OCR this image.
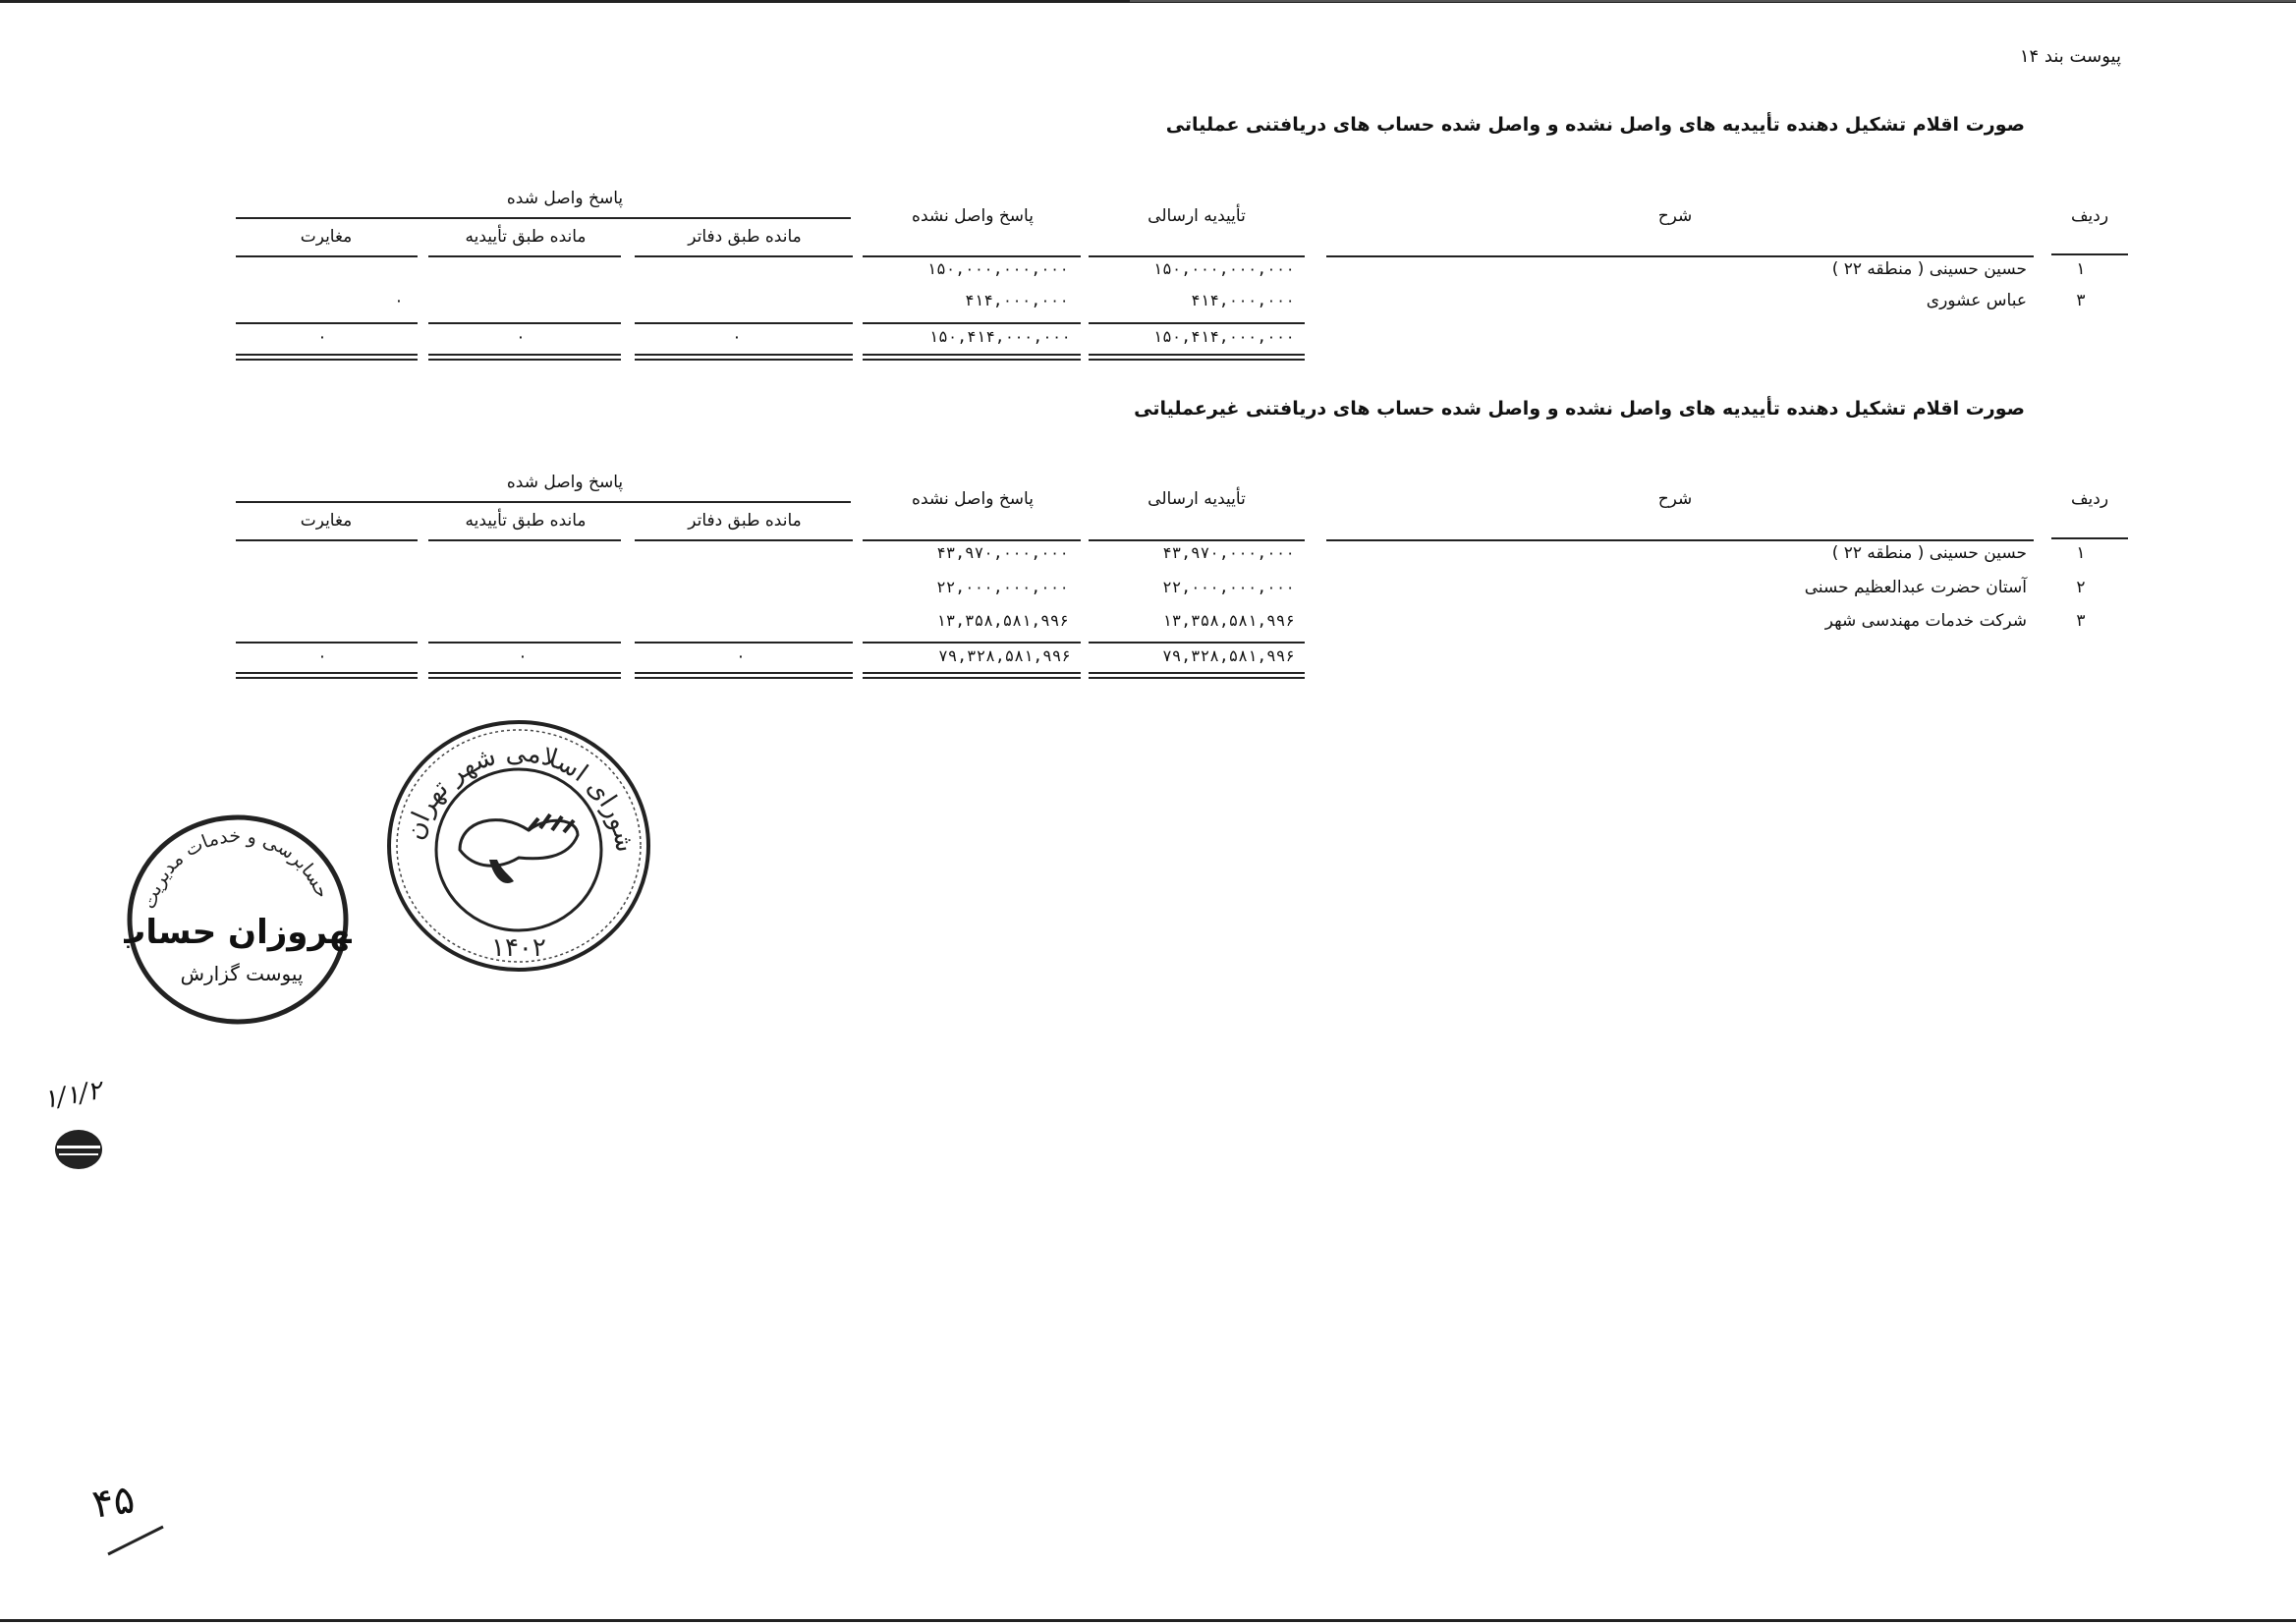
پیوست بند ۱۴
صورت اقلام تشکیل دهنده تأییدیه های واصل نشده و واصل شده حساب های دریافتنی عملیاتی
ردیف
شرح
تأییدیه ارسالی
پاسخ واصل نشده
پاسخ واصل شده
مانده طبق دفاتر
مانده طبق تأییدیه
مغایرت
۱
حسین حسینی ( منطقه ۲۲ )
۱۵۰,۰۰۰,۰۰۰,۰۰۰
۱۵۰,۰۰۰,۰۰۰,۰۰۰
۳
عباس عشوری
۴۱۴,۰۰۰,۰۰۰
۴۱۴,۰۰۰,۰۰۰
۰
۱۵۰,۴۱۴,۰۰۰,۰۰۰
۱۵۰,۴۱۴,۰۰۰,۰۰۰
۰
۰
۰
صورت اقلام تشکیل دهنده تأییدیه های واصل نشده و واصل شده حساب های دریافتنی غیرعملیاتی
ردیف
شرح
تأییدیه ارسالی
پاسخ واصل نشده
پاسخ واصل شده
مانده طبق دفاتر
مانده طبق تأییدیه
مغایرت
۱
حسین حسینی ( منطقه ۲۲ )
۴۳,۹۷۰,۰۰۰,۰۰۰
۴۳,۹۷۰,۰۰۰,۰۰۰
۲
آستان حضرت عبدالعظیم حسنی
۲۲,۰۰۰,۰۰۰,۰۰۰
۲۲,۰۰۰,۰۰۰,۰۰۰
۳
شرکت خدمات مهندسی شهر
۱۳,۳۵۸,۵۸۱,۹۹۶
۱۳,۳۵۸,۵۸۱,۹۹۶
۷۹,۳۲۸,۵۸۱,۹۹۶
۷۹,۳۲۸,۵۸۱,۹۹۶
۰
۰
۰
شورای اسلامی شهر تهران
۱۴۰۲
حسابرسی و خدمات مدیریت
بهروزان حساب
پیوست گزارش
۱/۱/۲
۴۵
